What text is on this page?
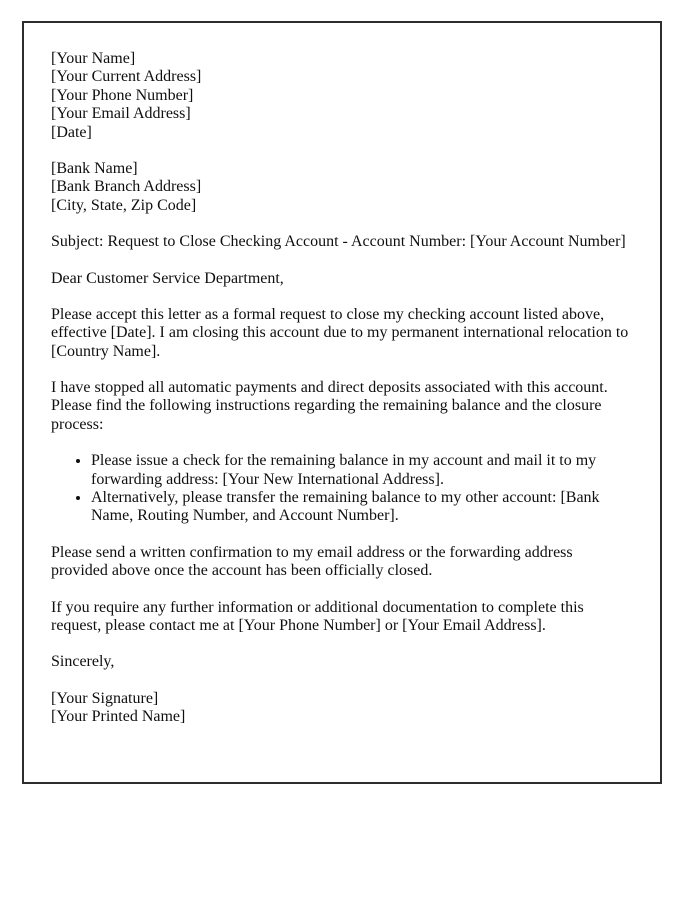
[Your Name]
[Your Current Address]
[Your Phone Number]
[Your Email Address]
[Date]
[Bank Name]
[Bank Branch Address]
[City, State, Zip Code]

Subject: Request to Close Checking Account - Account Number: [Your Account Number]

Dear Customer Service Department,

Please accept this letter as a formal request to close my checking account listed above, effective [Date]. I am closing this account due to my permanent international relocation to [Country Name].

I have stopped all automatic payments and direct deposits associated with this account. Please find the following instructions regarding the remaining balance and the closure process:

• Please issue a check for the remaining balance in my account and mail it to my forwarding address: [Your New International Address].
• Alternatively, please transfer the remaining balance to my other account: [Bank Name, Routing Number, and Account Number].

Please send a written confirmation to my email address or the forwarding address provided above once the account has been officially closed.

If you require any further information or additional documentation to complete this request, please contact me at [Your Phone Number] or [Your Email Address].

Sincerely,

[Your Signature]
[Your Printed Name]
